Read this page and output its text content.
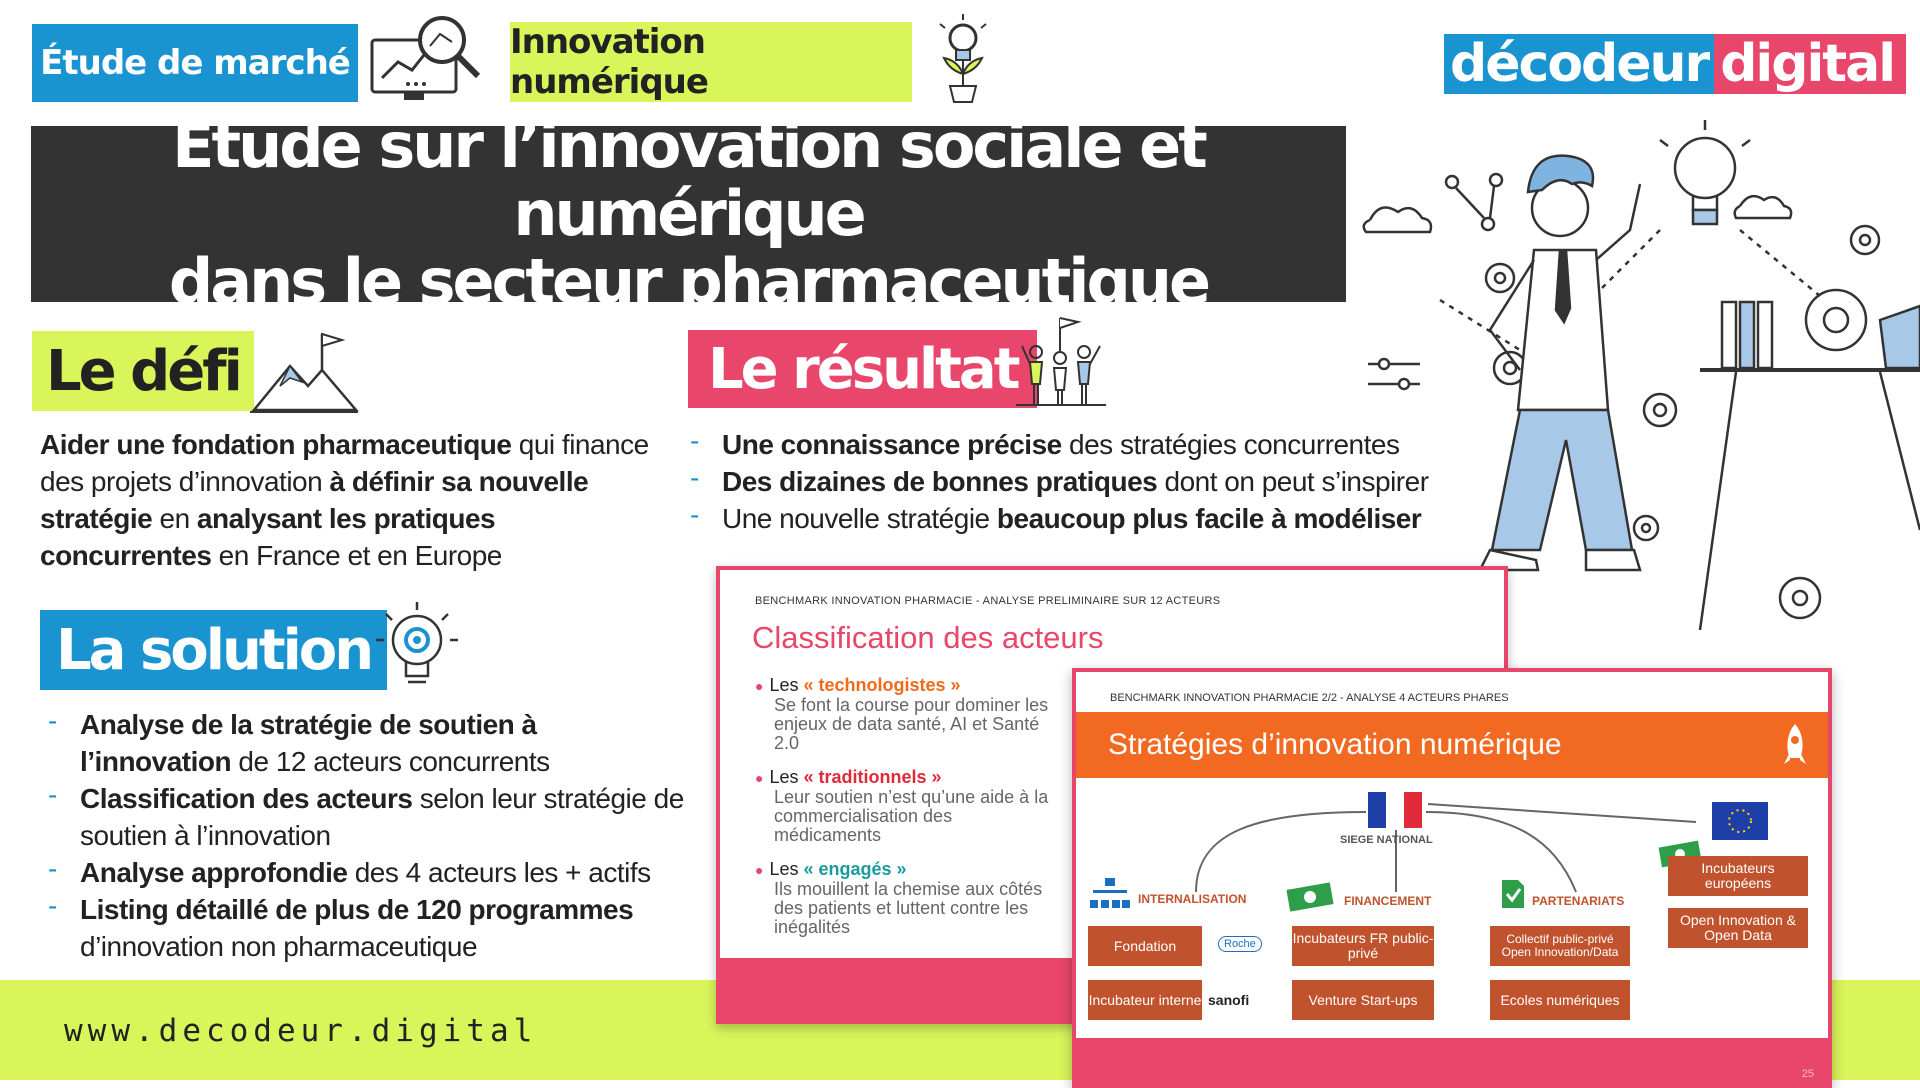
Étude de marché
Innovation numérique	décodeur digital
Étude sur l’innovation sociale et numérique
dans le secteur pharmaceutique
Le défi
Aider une fondation pharmaceutique qui finance des projets d’innovation à définir sa nouvelle stratégie en analysant les pratiques concurrentes en France et en Europe
Le résultat
- Une connaissance précise des stratégies concurrentes
- Des dizaines de bonnes pratiques dont on peut s’inspirer
- Une nouvelle stratégie beaucoup plus facile à modéliser
La solution
- Analyse de la stratégie de soutien à l’innovation de 12 acteurs concurrents
- Classification des acteurs selon leur stratégie de soutien à l’innovation
- Analyse approfondie des 4 acteurs les + actifs
- Listing détaillé de plus de 120 programmes d’innovation non pharmaceutique
www.decodeur.digital
BENCHMARK INNOVATION PHARMACIE - ANALYSE PRELIMINAIRE SUR 12 ACTEURS
Classification des acteurs
● Les « technologistes »
Se font la course pour dominer les enjeux de data santé, AI et Santé 2.0
● Les « traditionnels »
Leur soutien n’est qu’une aide à la commercialisation des médicaments
● Les « engagés »
Ils mouillent la chemise aux côtés des patients et luttent contre les inégalités
BENCHMARK INNOVATION PHARMACIE 2/2 - ANALYSE 4 ACTEURS PHARES
Stratégies d’innovation numérique
SIEGE NATIONAL
INTERNALISATION	FINANCEMENT	PARTENARIATS
Fondation	Roche
Incubateur interne sanofi
Incubateurs FR public-privé
Venture Start-ups
Collectif public-privé Open Innovation/Data
Ecoles numériques
Incubateurs européens
Open Innovation & Open Data
25
